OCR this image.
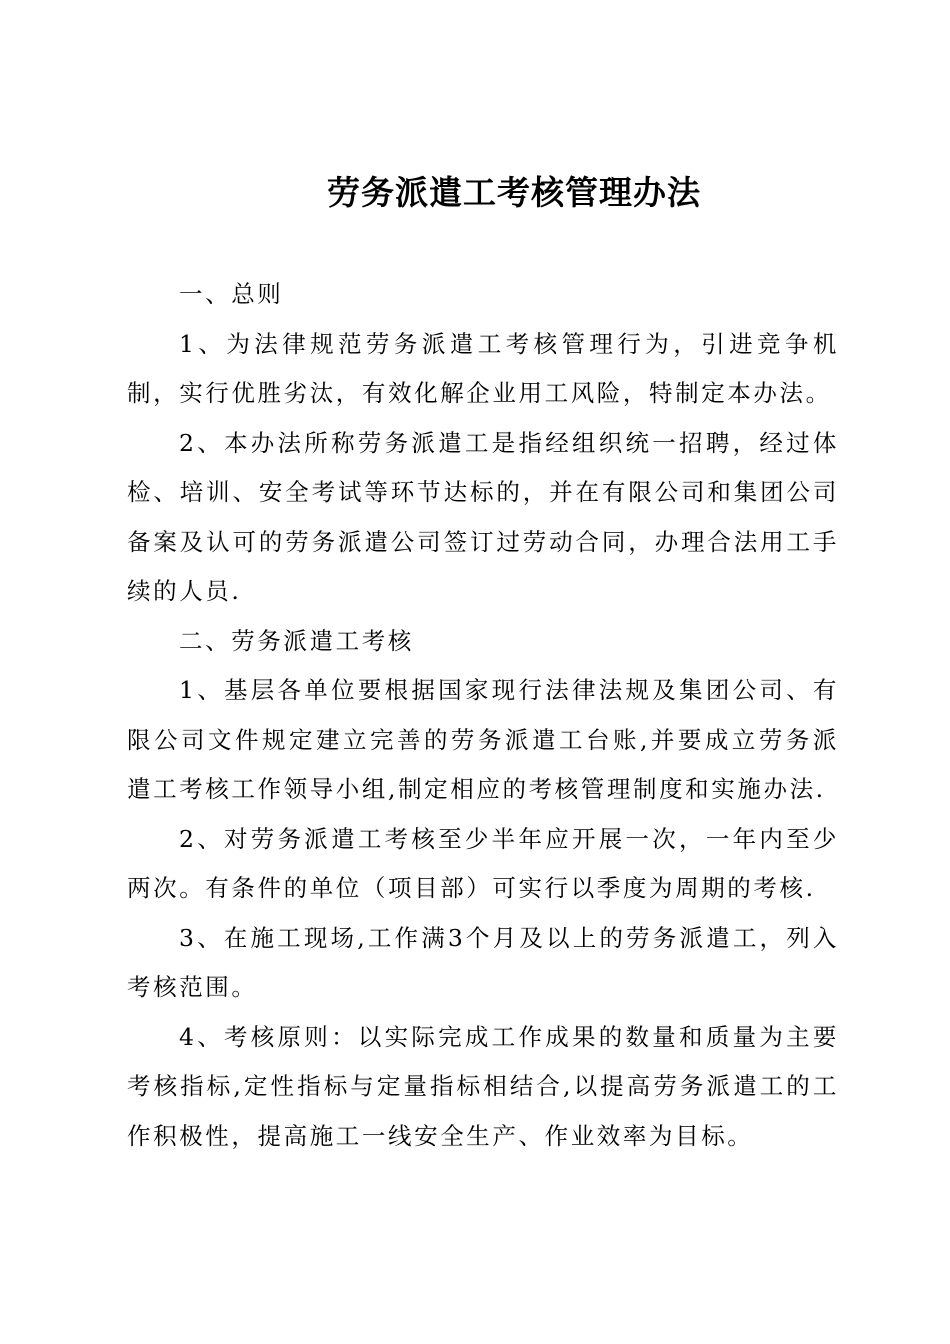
劳务派遣工考核管理办法
一、总则

1、为法律规范劳务派遣工考核管理行为，引进竞争机制，实行优胜劣汰，有效化解企业用工风险，特制定本办法。

2、本办法所称劳务派遣工是指经组织统一招聘，经过体检、培训、安全考试等环节达标的，并在有限公司和集团公司备案及认可的劳务派遣公司签订过劳动合同，办理合法用工手续的人员.

二、劳务派遣工考核

1、基层各单位要根据国家现行法律法规及集团公司、有限公司文件规定建立完善的劳务派遣工台账,并要成立劳务派遣工考核工作领导小组,制定相应的考核管理制度和实施办法.

2、对劳务派遣工考核至少半年应开展一次，一年内至少两次。有条件的单位（项目部）可实行以季度为周期的考核.

3、在施工现场,工作满3个月及以上的劳务派遣工，列入考核范围。

4、考核原则：以实际完成工作成果的数量和质量为主要考核指标,定性指标与定量指标相结合,以提高劳务派遣工的工作积极性，提高施工一线安全生产、作业效率为目标。
